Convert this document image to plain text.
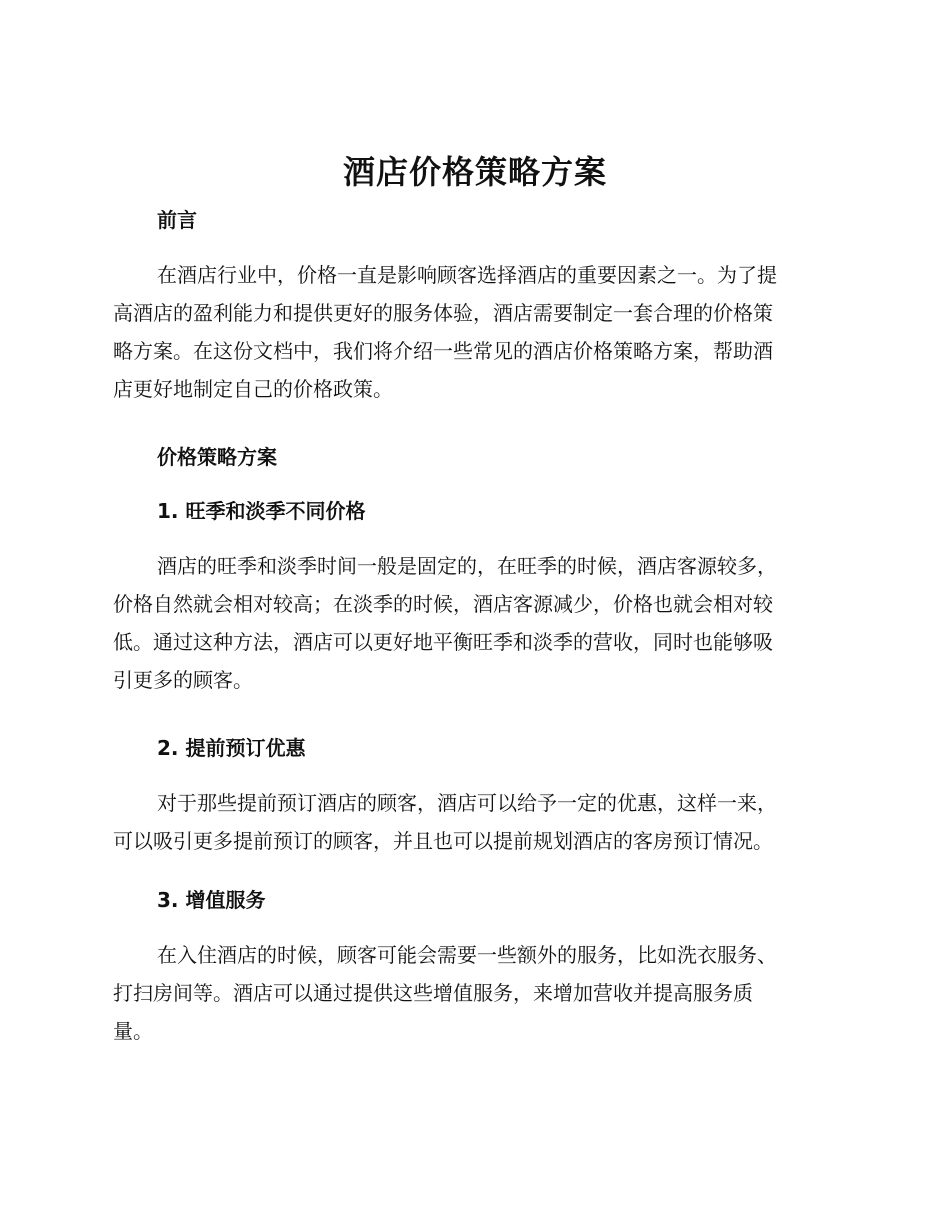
酒店价格策略方案
前言
在酒店行业中，价格一直是影响顾客选择酒店的重要因素之一。为了提
高酒店的盈利能力和提供更好的服务体验，酒店需要制定一套合理的价格策
略方案。在这份文档中，我们将介绍一些常见的酒店价格策略方案，帮助酒
店更好地制定自己的价格政策。
价格策略方案
1. 旺季和淡季不同价格
酒店的旺季和淡季时间一般是固定的，在旺季的时候，酒店客源较多，
价格自然就会相对较高；在淡季的时候，酒店客源减少，价格也就会相对较
低。通过这种方法，酒店可以更好地平衡旺季和淡季的营收，同时也能够吸
引更多的顾客。
2. 提前预订优惠
对于那些提前预订酒店的顾客，酒店可以给予一定的优惠，这样一来，
可以吸引更多提前预订的顾客，并且也可以提前规划酒店的客房预订情况。
3. 增值服务
在入住酒店的时候，顾客可能会需要一些额外的服务，比如洗衣服务、
打扫房间等。酒店可以通过提供这些增值服务，来增加营收并提高服务质
量。
